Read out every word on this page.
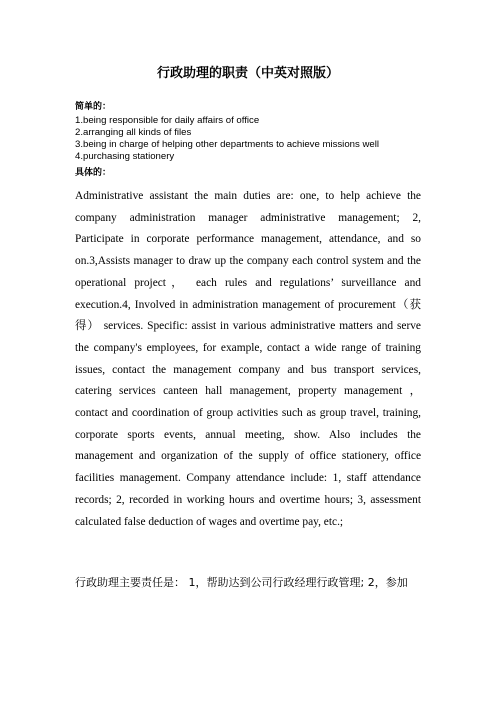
行政助理的职责（中英对照版）
简单的：
1.being responsible for daily affairs of office
2.arranging all kinds of files
3.being in charge of helping other departments to achieve missions well
4.purchasing stationery
具体的：

Administrative assistant the main duties are: one, to help achieve the company administration manager administrative management; 2, Participate in corporate performance management, attendance, and so on.3,Assists manager to draw up the company each control system and the operational project， each rules and regulations’ surveillance and execution.4, Involved in administration management of procurement（获得） services. Specific: assist in various administrative matters and serve the company's employees, for example, contact a wide range of training issues, contact the management company and bus transport services, catering services canteen hall management, property management ， contact and coordination of group activities such as group travel, training, corporate sports events, annual meeting, show. Also includes the management and organization of the supply of office stationery, office facilities management. Company attendance include: 1, staff attendance records; 2, recorded in working hours and overtime hours; 3, assessment calculated false deduction of wages and overtime pay, etc.;

行政助理主要责任是： 1，帮助达到公司行政经理行政管理; 2，参加
